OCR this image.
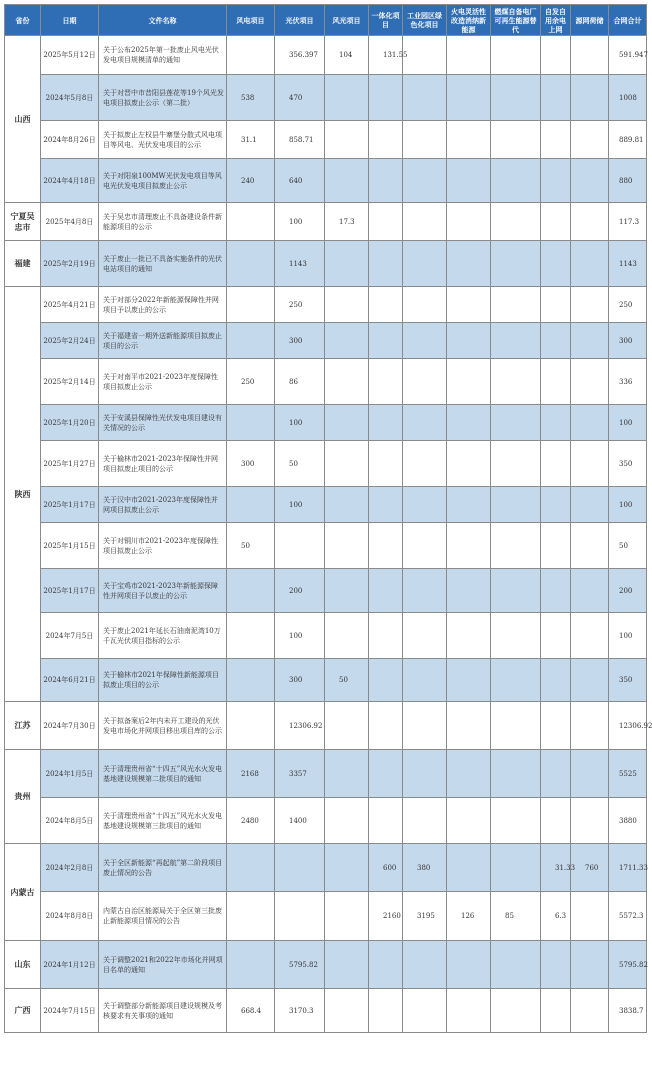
省份	日期	文件名称	风电项目	光伏项目	风光项目	一体化项目	工业园区绿色化项目	火电灵活性改造消纳新能源	燃煤自备电厂可再生能源替代	自发自用余电上网	源网荷储	合网合计
山西	2025年5月12日	关于公布2025年第一批废止风电光伏发电项目规模清单的通知		356.397	104	131.55						591.947
	2024年5月8日	关于对晋中市昔阳县莲花等19个风光发电项目拟废止公示（第二批）	538	470								1008
	2024年8月26日	关于拟废止左权县牛寨堡分散式风电项目等风电、光伏发电项目的公示	31.1	858.71								889.81
	2024年4月18日	关于对阳泉100MW光伏发电项目等风电光伏发电项目拟废止公示	240	640								880
宁夏吴忠市	2025年4月8日	关于吴忠市清理废止不具备建设条件新能源项目的公示		100	17.3							117.3
福建	2025年2月19日	关于废止一批已不具备实施条件的光伏电站项目的通知		1143								1143
陕西	2025年4月21日	关于对部分2022年新能源保障性并网项目予以废止的公示		250								250
	2025年2月24日	关于福建省一期外送新能源项目拟废止项目的公示		300								300
	2025年2月14日	关于对南平市2021-2023年度保障性项目拟废止公示	250	86								336
	2025年1月20日	关于安溪县保障性光伏发电项目建设有关情况的公示		100								100
	2025年1月27日	关于榆林市2021-2023年保障性并网项目拟废止项目的公示	300	50								350
	2025年1月17日	关于汉中市2021-2023年度保障性并网项目拟废止公示		100								100
	2025年1月15日	关于对铜川市2021-2023年度保障性项目拟废止公示	50									50
	2025年1月17日	关于宝鸡市2021-2023年新能源保障性并网项目予以废止的公示		200								200
	2024年7月5日	关于废止2021年延长石油南泥湾10万千瓦光伏项目指标的公示		100								100
	2024年6月21日	关于榆林市2021年保障性新能源项目拟废止项目的公示		300	50							350
江苏	2024年7月30日	关于拟备案后2年内未开工建设的光伏发电市场化并网项目移出项目库的公示		12306.92								12306.92
贵州	2024年1月5日	关于清理贵州省“十四五”风光水火发电基地建设规模第二批项目的通知	2168	3357								5525
	2024年8月5日	关于清理贵州省“十四五”风光水火发电基地建设规模第三批项目的通知	2480	1400								3880
内蒙古	2024年2月8日	关于全区新能源“再起航”第二阶段项目废止情况的公告				600	380			31.33	760	1711.33
	2024年8月8日	内蒙古自治区能源局关于全区第三批废止新能源项目情况的公告				2160	3195	126	85	6.3		5572.3
山东	2024年1月12日	关于调整2021和2022年市场化并网项目名单的通知		5795.82								5795.82
广西	2024年7月15日	关于调整部分新能源项目建设规模及考核要求有关事项的通知	668.4	3170.3								3838.7
